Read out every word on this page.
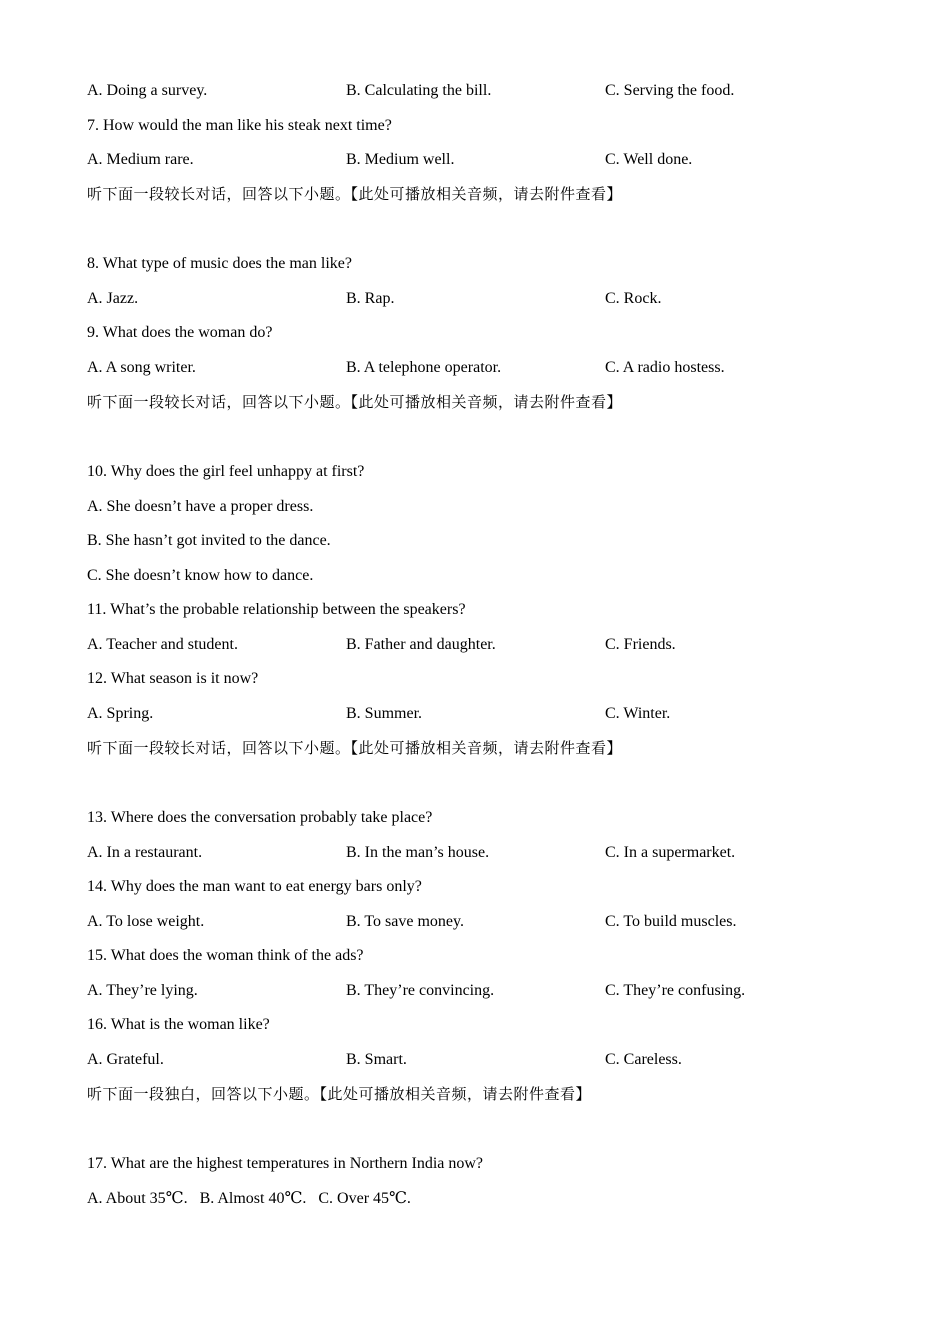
A. Doing a survey.	B. Calculating the bill.	C. Serving the food.
7. How would the man like his steak next time?
A. Medium rare.	B. Medium well.	C. Well done.
听下面一段较长对话，回答以下小题。【此处可播放相关音频，请去附件查看】
8. What type of music does the man like?
A. Jazz.	B. Rap.	C. Rock.
9. What does the woman do?
A. A song writer.	B. A telephone operator.	C. A radio hostess.
听下面一段较长对话，回答以下小题。【此处可播放相关音频，请去附件查看】
10. Why does the girl feel unhappy at first?
A. She doesn’t have a proper dress.
B. She hasn’t got invited to the dance.
C. She doesn’t know how to dance.
11. What’s the probable relationship between the speakers?
A. Teacher and student.	B. Father and daughter.	C. Friends.
12. What season is it now?
A. Spring.	B. Summer.	C. Winter.
听下面一段较长对话，回答以下小题。【此处可播放相关音频，请去附件查看】
13. Where does the conversation probably take place?
A. In a restaurant.	B. In the man’s house.	C. In a supermarket.
14. Why does the man want to eat energy bars only?
A. To lose weight.	B. To save money.	C. To build muscles.
15. What does the woman think of the ads?
A. They’re lying.	B. They’re convincing.	C. They’re confusing.
16. What is the woman like?
A. Grateful.	B. Smart.	C. Careless.
听下面一段独白，回答以下小题。【此处可播放相关音频，请去附件查看】
17. What are the highest temperatures in Northern India now?
A. About 35℃.   B. Almost 40℃.   C. Over 45℃.
